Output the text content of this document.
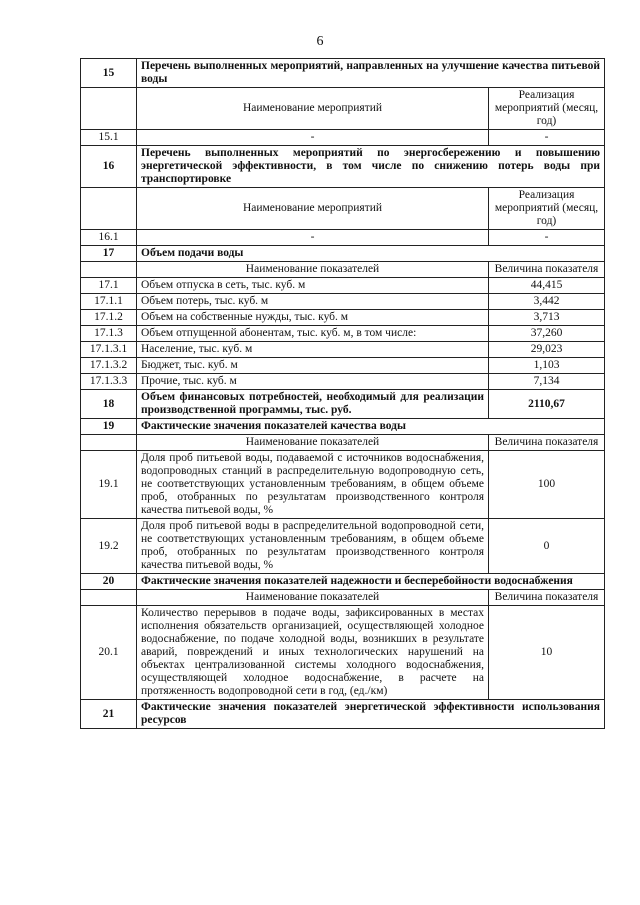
6
15	Перечень выполненных мероприятий, направленных на улучшение качества питьевой воды	
	Наименование мероприятий	Реализация мероприятий (месяц, год)
15.1	-	-
16	Перечень выполненных мероприятий по энергосбережению и повышению энергетической эффективности, в том числе по снижению потерь воды при транспортировке	
	Наименование мероприятий	Реализация мероприятий (месяц, год)
16.1	-	-
17	Объем подачи воды	
	Наименование показателей	Величина показателя
17.1	Объем отпуска в сеть, тыс. куб. м	44,415
17.1.1	Объем потерь, тыс. куб. м	3,442
17.1.2	Объем на собственные нужды, тыс. куб. м	3,713
17.1.3	Объем отпущенной абонентам, тыс. куб. м, в том числе:	37,260
17.1.3.1	Население, тыс. куб. м	29,023
17.1.3.2	Бюджет, тыс. куб. м	1,103
17.1.3.3	Прочие, тыс. куб. м	7,134
18	Объем финансовых потребностей, необходимый для реализации производственной программы, тыс. руб.	2110,67
19	Фактические значения показателей качества воды	
	Наименование показателей	Величина показателя
19.1	Доля проб питьевой воды, подаваемой с источников водоснабжения, водопроводных станций в распределительную водопроводную сеть, не соответствующих установленным требованиям, в общем объеме проб, отобранных по результатам производственного контроля качества питьевой воды, %	100
19.2	Доля проб питьевой воды в распределительной водопроводной сети, не соответствующих установленным требованиям, в общем объеме проб, отобранных по результатам производственного контроля качества питьевой воды, %	0
20	Фактические значения показателей надежности и бесперебойности водоснабжения	
	Наименование показателей	Величина показателя
20.1	Количество перерывов в подаче воды, зафиксированных в местах исполнения обязательств организацией, осуществляющей холодное водоснабжение, по подаче холодной воды, возникших в результате аварий, повреждений и иных технологических нарушений на объектах централизованной системы холодного водоснабжения, осуществляющей холодное водоснабжение, в расчете на протяженность водопроводной сети в год, (ед./км)	10
21	Фактические значения показателей энергетической эффективности использования ресурсов	
